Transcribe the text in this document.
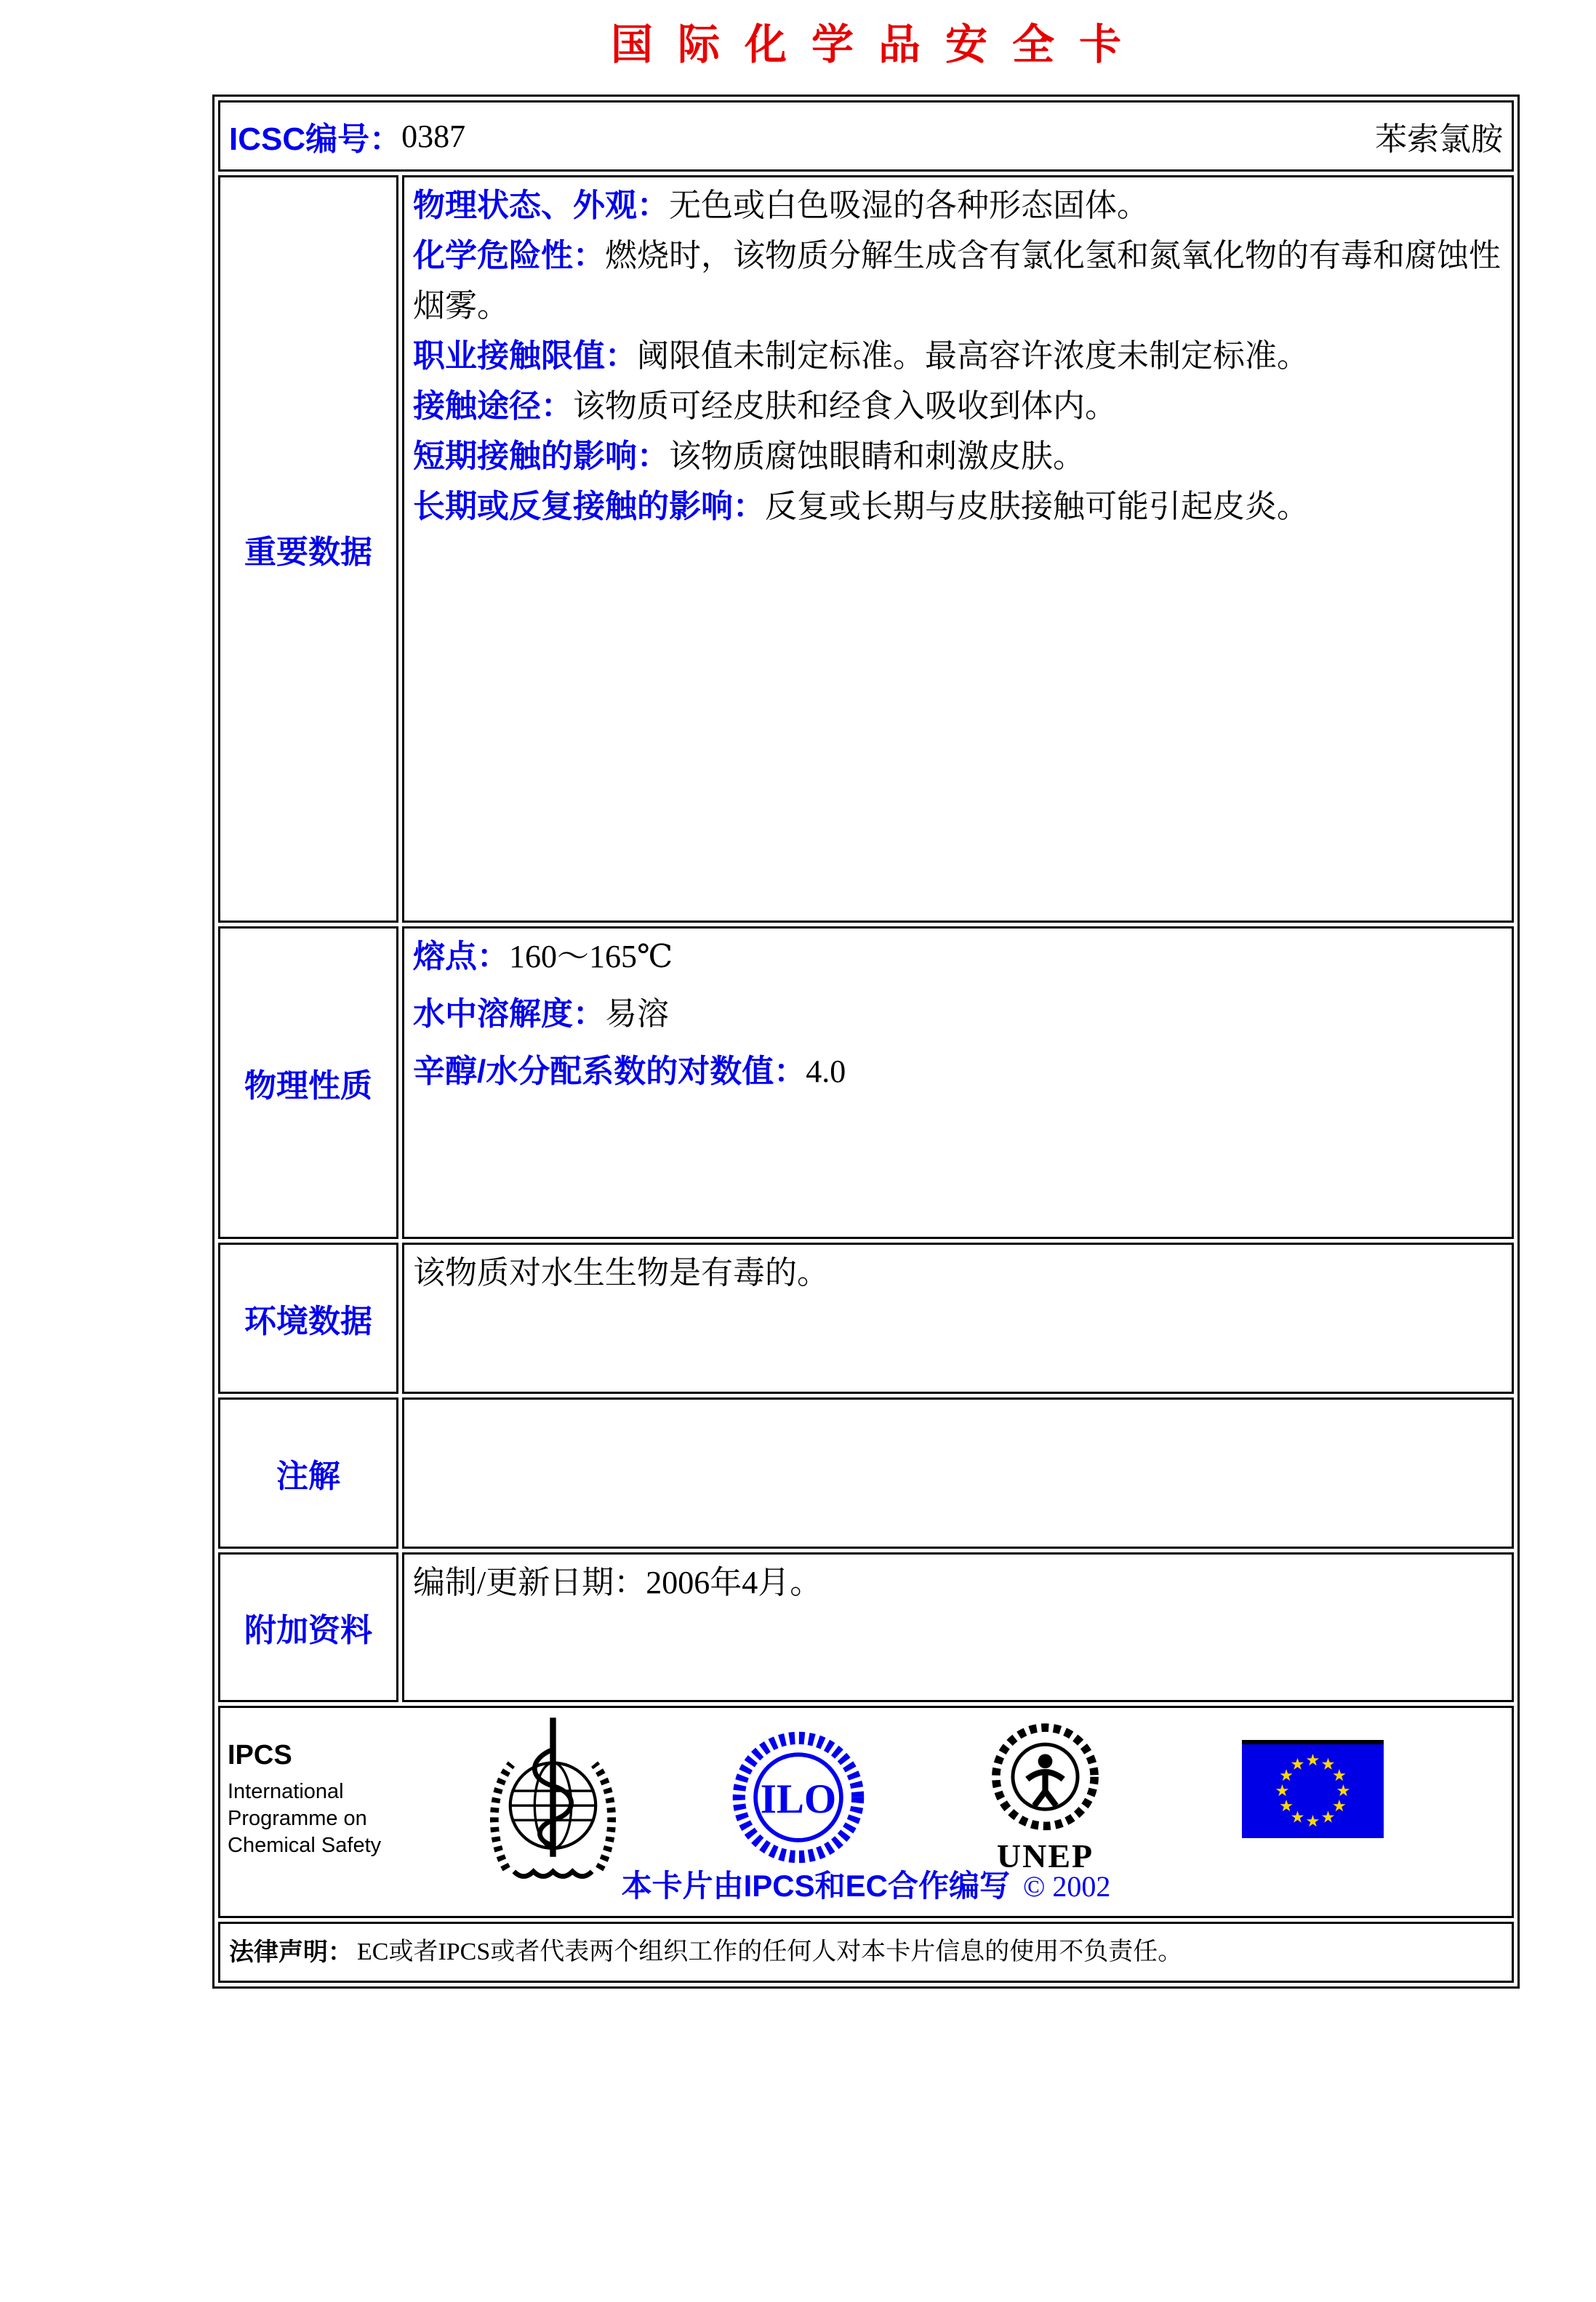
国际化学品安全卡
ICSC编号： 0387	苯索氯胺
重要数据

物理状态、外观：无色或白色吸湿的各种形态固体。

化学危险性：燃烧时，该物质分解生成含有氯化氢和氮氧化物的有毒和腐蚀性烟雾。

职业接触限值：阈限值未制定标准。最高容许浓度未制定标准。

接触途径：该物质可经皮肤和经食入吸收到体内。

短期接触的影响：该物质腐蚀眼睛和刺激皮肤。

长期或反复接触的影响：反复或长期与皮肤接触可能引起皮炎。

物理性质

熔点：160～165℃

水中溶解度：易溶

辛醇/水分配系数的对数值：4.0

环境数据

该物质对水生生物是有毒的。

注解
附加资料

编制/更新日期：2006年4月。

IPCS
International
Programme on
Chemical Safety
ILO
UNEP
本卡片由IPCS和EC合作编写 © 2002
法律声明： EC或者IPCS或者代表两个组织工作的任何人对本卡片信息的使用不负责任。
